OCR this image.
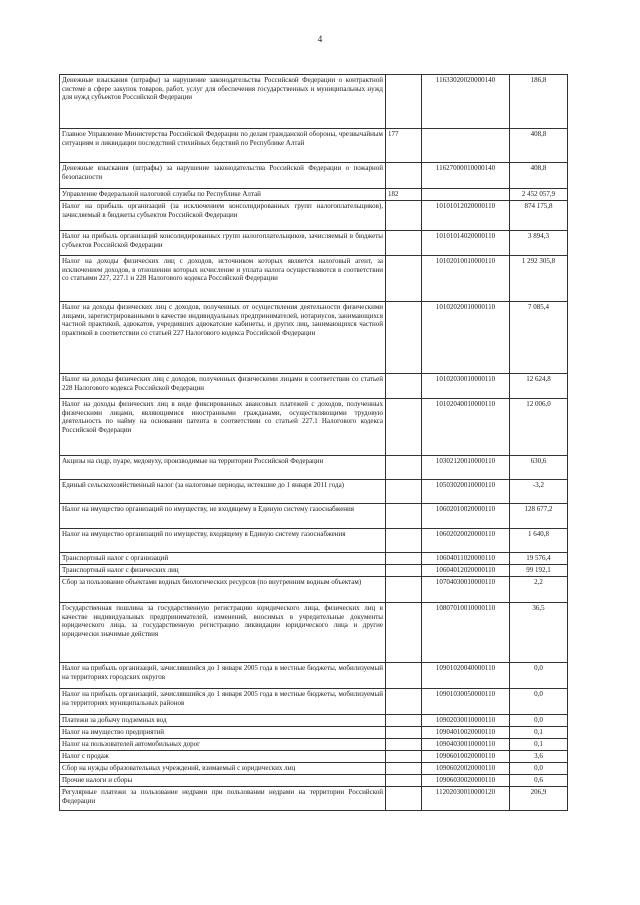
4
Денежные взыскания (штрафы) за нарушение законодательства Российской Федерации о контрактной системе в сфере закупок товаров, работ, услуг для обеспечения государственных и муниципальных нужд для нужд субъектов Российской Федерации		11633020020000140	186,8
Главное Управление Министерства Российской Федерации по делам гражданской обороны, чрезвычайным ситуациям и ликвидации последствий стихийных бедствий по Республике Алтай	177		408,8
Денежные взыскания (штрафы) за нарушение законодательства Российской Федерации о пожарной безопасности		11627000010000140	408,8
Управление Федеральной налоговой службы по Республике Алтай	182		2 452 057,9
Налог на прибыль организаций (за исключением консолидированных групп налогоплательщиков), зачисляемый в бюджеты субъектов Российской Федерации		10101012020000110	874 175,8
Налог на прибыль организаций консолидированных групп налогоплательщиков, зачисляемый в бюджеты субъектов Российской Федерации		10101014020000110	3 894,3
Налог на доходы физических лиц с доходов, источником которых является налоговый агент, за исключением доходов, в отношении которых исчисление и уплата налога осуществляются в соответствии со статьями 227, 227.1 и 228 Налогового кодекса Российской Федерации		10102010010000110	1 292 305,8
Налог на доходы физических лиц с доходов, полученных от осуществления деятельности физическими лицами, зарегистрированными в качестве индивидуальных предпринимателей, нотариусов, занимающихся частной практикой, адвокатов, учредивших адвокатские кабинеты, и других лиц, занимающихся частной практикой в соответствии со статьей 227 Налогового кодекса Российской Федерации		10102020010000110	7 085,4
Налог на доходы физических лиц с доходов, полученных физическими лицами в соответствии со статьей 228 Налогового кодекса Российской Федерации		10102030010000110	12 624,8
Налог на доходы физических лиц в виде фиксированных авансовых платежей с доходов, полученных физическими лицами, являющимися иностранными гражданами, осуществляющими трудовую деятельность по найму на основании патента в соответствии со статьей 227.1 Налогового кодекса Российской Федерации		10102040010000110	12 006,0
Акцизы на сидр, пуаре, медовуху, производимые на территории Российской Федерации		10302120010000110	630,6
Единый сельскохозяйственный налог (за налоговые периоды, истекшие до 1 января 2011 года)		10503020010000110	-3,2
Налог на имущество организаций по имуществу, не входящему в Единую систему газоснабжения		10602010020000110	128 677,2
Налог на имущество организаций по имуществу, входящему в Единую систему газоснабжения		10602020020000110	1 640,8
Транспортный налог с организаций		10604011020000110	19 576,4
Транспортный налог с физических лиц		10604012020000110	99 192,1
Сбор за пользование объектами водных биологических ресурсов (по внутренним водным объектам)		10704030010000110	2,2
Государственная пошлина за государственную регистрацию юридического лица, физических лиц в качестве индивидуальных предпринимателей, изменений, вносимых в учредительные документы юридического лица, за государственную регистрацию ликвидации юридического лица и другие юридически значимые действия		10807010010000110	36,5
Налог на прибыль организаций, зачислявшийся до 1 января 2005 года в местные бюджеты, мобилизуемый на территориях городских округов		10901020040000110	0,0
Налог на прибыль организаций, зачислявшийся до 1 января 2005 года в местные бюджеты, мобилизуемый на территориях муниципальных районов		10901030050000110	0,0
Платежи за добычу подземных вод		10902030010000110	0,0
Налог на имущество предприятий		10904010020000110	0,1
Налог на пользователей автомобильных дорог		10904030010000110	0,1
Налог с продаж		10906010020000110	3,6
Сбор на нужды образовательных учреждений, взимаемый с юридических лиц		10906020020000110	0,0
Прочие налоги и сборы		10906030020000110	0,6
Регулярные платежи за пользование недрами при пользовании недрами на территории Российской Федерации		11202030010000120	206,9
